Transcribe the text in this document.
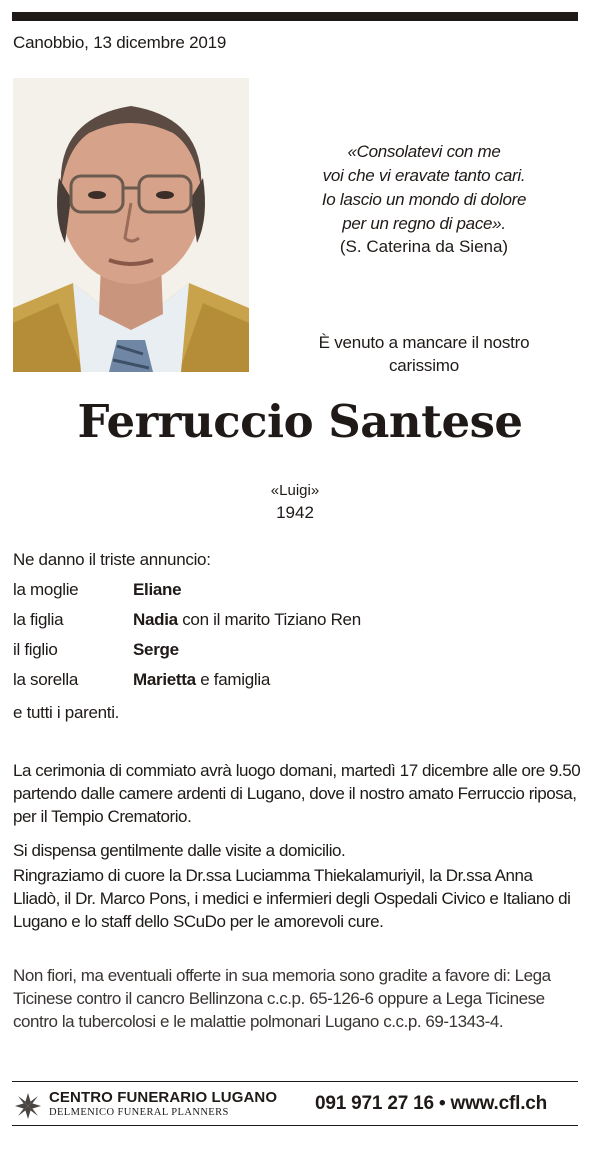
Canobbio, 13 dicembre 2019
«Consolatevi con me
voi che vi eravate tanto cari.
Io lascio un mondo di dolore
per un regno di pace».
(S. Caterina da Siena)
È venuto a mancare il nostro
carissimo
Ferruccio Santese
«Luigi»
1942
Ne danno il triste annuncio:
la moglie	Eliane
la figlia	Nadia con il marito Tiziano Ren
il figlio	Serge
la sorella	Marietta e famiglia
e tutti i parenti.
La cerimonia di commiato avrà luogo domani, martedì 17 dicembre alle ore 9.50 partendo dalle camere ardenti di Lugano, dove il nostro amato Ferruccio riposa, per il Tempio Crematorio.
Si dispensa gentilmente dalle visite a domicilio.
Ringraziamo di cuore la Dr.ssa Luciamma Thiekalamuriyil, la Dr.ssa Anna Lliadò, il Dr. Marco Pons, i medici e infermieri degli Ospedali Civico e Italiano di Lugano e lo staff dello SCuDo per le amorevoli cure.
Non fiori, ma eventuali offerte in sua memoria sono gradite a favore di: Lega Ticinese contro il cancro Bellinzona c.c.p. 65-126-6 oppure a Lega Ticinese contro la tubercolosi e le malattie polmonari Lugano c.c.p. 69-1343-4.
CENTRO FUNERARIO LUGANO
DELMENICO FUNERAL PLANNERS	091 971 27 16 • www.cfl.ch
